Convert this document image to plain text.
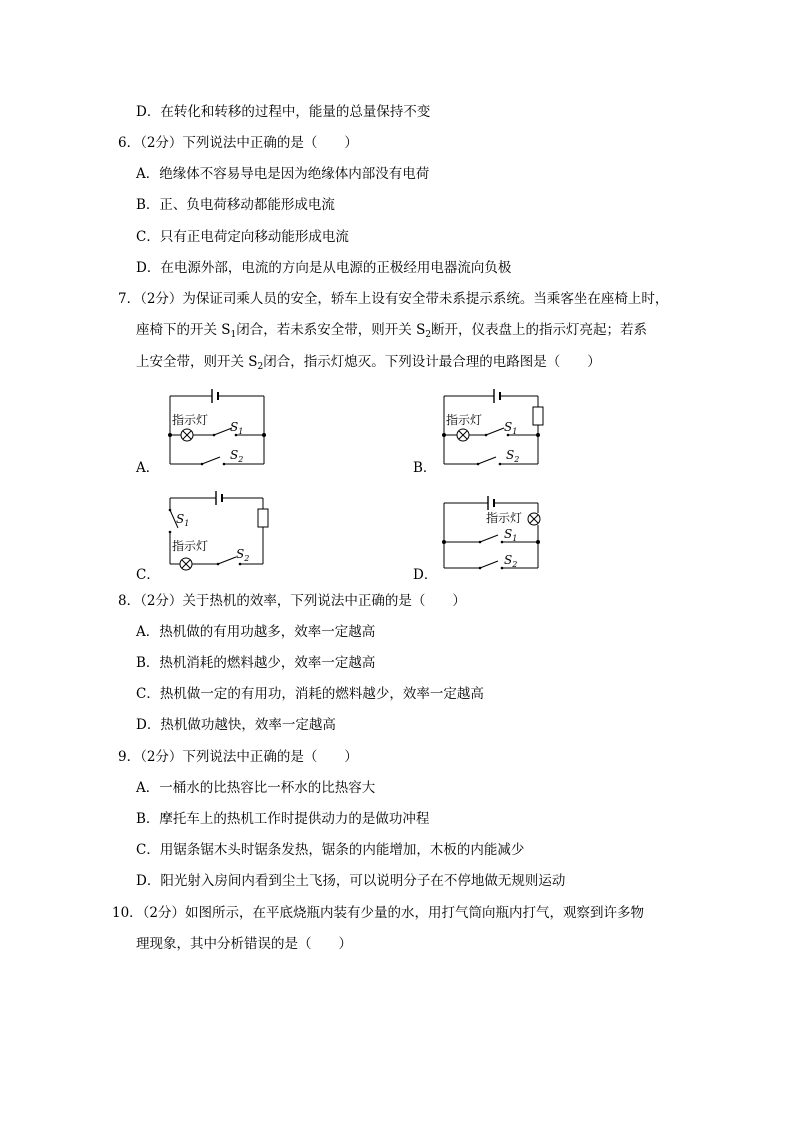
D．在转化和转移的过程中，能量的总量保持不变
6．（2分）下列说法中正确的是（　　）
A．绝缘体不容易导电是因为绝缘体内部没有电荷
B．正、负电荷移动都能形成电流
C．只有正电荷定向移动能形成电流
D．在电源外部，电流的方向是从电源的正极经用电器流向负极
7．（2分）为保证司乘人员的安全，轿车上设有安全带未系提示系统。当乘客坐在座椅上时，
座椅下的开关 $S_1$闭合，若未系安全带，则开关 $S_2$断开，仪表盘上的指示灯亮起；若系
上安全带，则开关 $S_2$闭合，指示灯熄灭。下列设计最合理的电路图是（　　）
A．
指示灯 $S_1$
$S_2$
B．
指示灯 $S_1$
$S_2$
C．
$S_1$
指示灯
$S_2$
D．
指示灯
$S_1$
$S_2$
8．（2分）关于热机的效率，下列说法中正确的是（　　）
A．热机做的有用功越多，效率一定越高
B．热机消耗的燃料越少，效率一定越高
C．热机做一定的有用功，消耗的燃料越少，效率一定越高
D．热机做功越快，效率一定越高
9．（2分）下列说法中正确的是（　　）
A．一桶水的比热容比一杯水的比热容大
B．摩托车上的热机工作时提供动力的是做功冲程
C．用锯条锯木头时锯条发热，锯条的内能增加，木板的内能减少
D．阳光射入房间内看到尘土飞扬，可以说明分子在不停地做无规则运动
10．（2分）如图所示，在平底烧瓶内装有少量的水，用打气筒向瓶内打气，观察到许多物
理现象，其中分析错误的是（　　）
